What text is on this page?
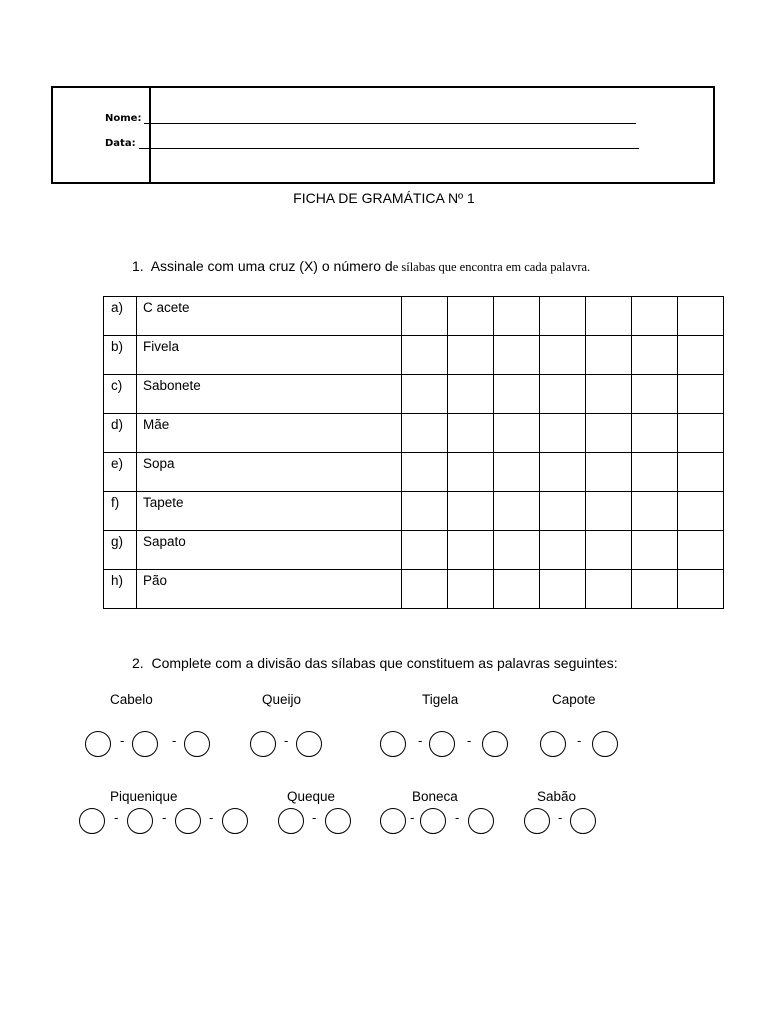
Nome:
Data:
FICHA DE GRAMÁTICA Nº 1
1. Assinale com uma cruz (X) o número de sílabas que encontra em cada palavra.
a)	C acete							
b)	Fivela							
c)	Sabonete							
d)	Mãe							
e)	Sopa							
f)	Tapete							
g)	Sapato							
h)	Pão							
2. Complete com a divisão das sílabas que constituem as palavras seguintes:
Cabelo
-	-
Queijo
-
Tigela
-	-
Capote
-
Piquenique
-	-	-
Queque
-
Boneca
-	-
Sabão
-
